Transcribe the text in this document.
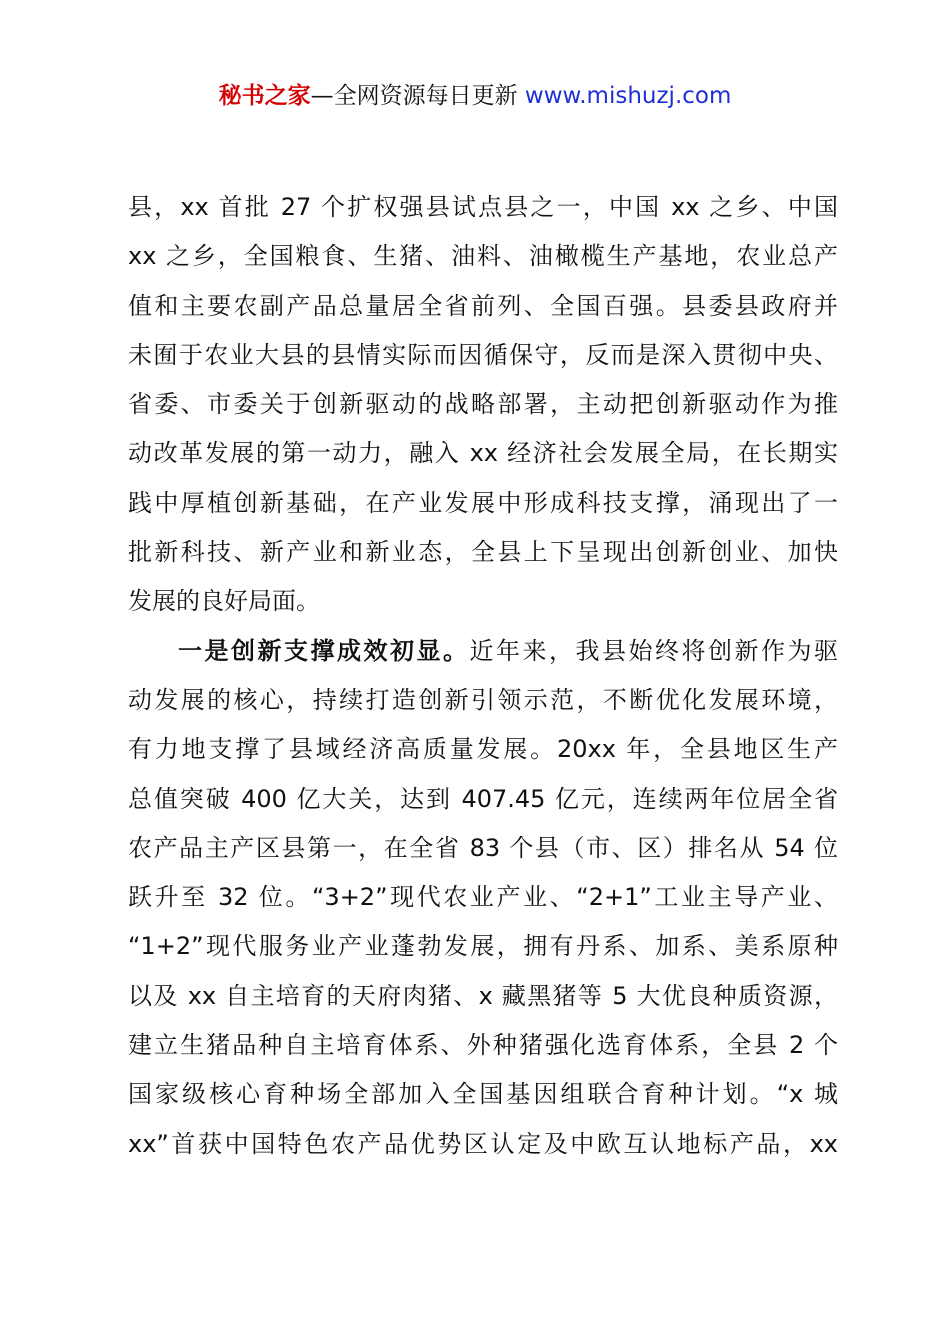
秘书之家—全网资源每日更新 www.mishuzj.com
县，xx 首批 27 个扩权强县试点县之一，中国 xx 之乡、中国
xx 之乡，全国粮食、生猪、油料、油橄榄生产基地，农业总产
值和主要农副产品总量居全省前列、全国百强。县委县政府并
未囿于农业大县的县情实际而因循保守，反而是深入贯彻中央、
省委、市委关于创新驱动的战略部署，主动把创新驱动作为推
动改革发展的第一动力，融入 xx 经济社会发展全局，在长期实
践中厚植创新基础，在产业发展中形成科技支撑，涌现出了一
批新科技、新产业和新业态，全县上下呈现出创新创业、加快
发展的良好局面。
一是创新支撑成效初显。近年来，我县始终将创新作为驱
动发展的核心，持续打造创新引领示范，不断优化发展环境，
有力地支撑了县域经济高质量发展。20xx 年，全县地区生产
总值突破 400 亿大关，达到 407.45 亿元，连续两年位居全省
农产品主产区县第一，在全省 83 个县（市、区）排名从 54 位
跃升至 32 位。“3+2”现代农业产业、“2+1”工业主导产业、
“1+2”现代服务业产业蓬勃发展，拥有丹系、加系、美系原种
以及 xx 自主培育的天府肉猪、x 藏黑猪等 5 大优良种质资源，
建立生猪品种自主培育体系、外种猪强化选育体系，全县 2 个
国家级核心育种场全部加入全国基因组联合育种计划。“x 城
xx”首获中国特色农产品优势区认定及中欧互认地标产品，xx
